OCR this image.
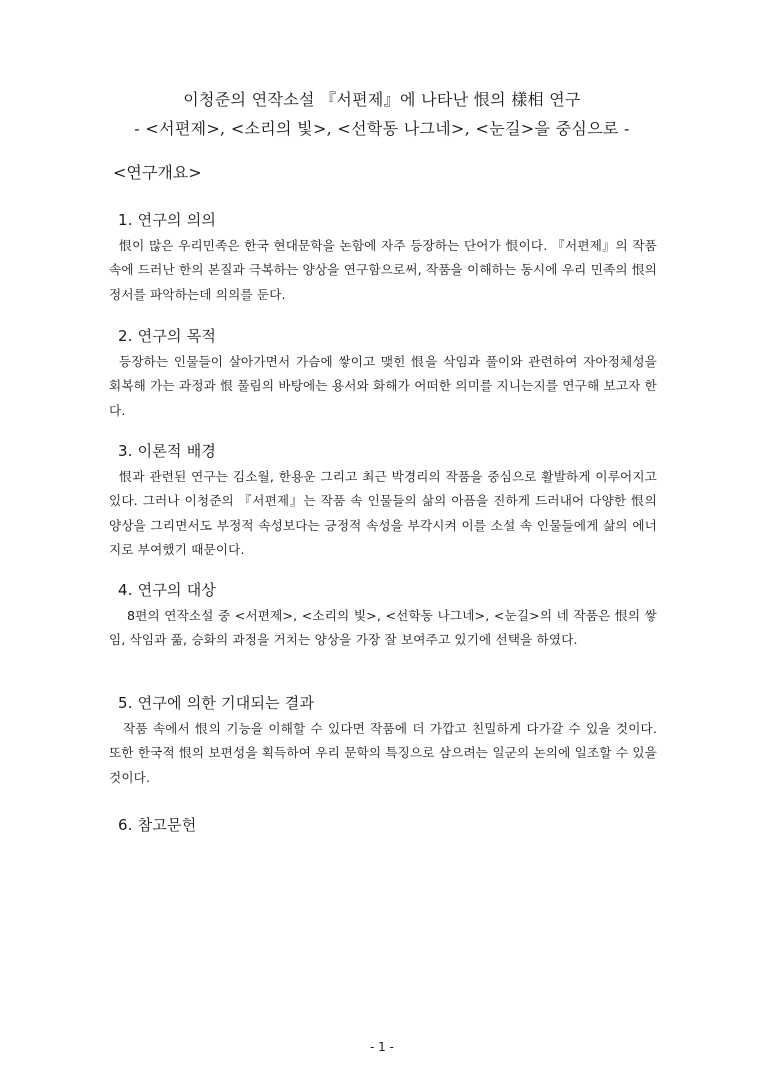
이청준의 연작소설 『서편제』에 나타난 恨의 樣相 연구
- <서편제>, <소리의 빛>, <선학동 나그네>, <눈길>을 중심으로 -
<연구개요>
1. 연구의 의의

恨이 많은 우리민족은 한국 현대문학을 논함에 자주 등장하는 단어가 恨이다. 『서편제』의 작품 속에 드러난 한의 본질과 극복하는 양상을 연구함으로써, 작품을 이해하는 동시에 우리 민족의 恨의 정서를 파악하는데 의의를 둔다.

2. 연구의 목적

등장하는 인물들이 살아가면서 가슴에 쌓이고 맺힌 恨을 삭임과 풀이와 관련하여 자아정체성을 회복해 가는 과정과 恨 풀림의 바탕에는 용서와 화해가 어떠한 의미를 지니는지를 연구해 보고자 한다.

3. 이론적 배경

恨과 관련된 연구는 김소월, 한용운 그리고 최근 박경리의 작품을 중심으로 활발하게 이루어지고 있다. 그러나 이청준의 『서편제』는 작품 속 인물들의 삶의 아픔을 진하게 드러내어 다양한 恨의 양상을 그리면서도 부정적 속성보다는 긍정적 속성을 부각시켜 이를 소설 속 인물들에게 삶의 에너지로 부여했기 때문이다.

4. 연구의 대상

8편의 연작소설 중 <서편제>, <소리의 빛>, <선학동 나그네>, <눈길>의 네 작품은 恨의 쌓임, 삭임과 풂, 승화의 과정을 거치는 양상을 가장 잘 보여주고 있기에 선택을 하였다.

5. 연구에 의한 기대되는 결과

작품 속에서 恨의 기능을 이해할 수 있다면 작품에 더 가깝고 친밀하게 다가갈 수 있을 것이다. 또한 한국적 恨의 보편성을 획득하여 우리 문학의 특징으로 삼으려는 일군의 논의에 일조할 수 있을 것이다.

6. 참고문헌
- 1 -
